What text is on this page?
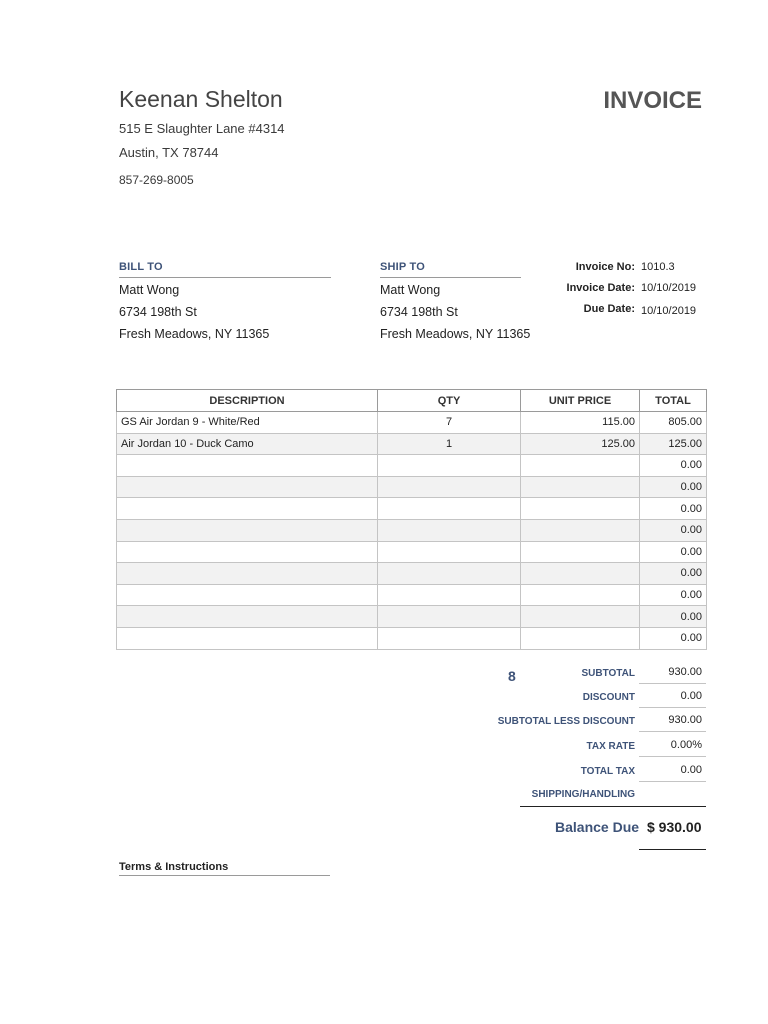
Keenan Shelton
515 E Slaughter Lane #4314
Austin, TX 78744
857-269-8005
INVOICE
BILL TO
Matt Wong
6734 198th St
Fresh Meadows, NY 11365
SHIP TO
Matt Wong
6734 198th St
Fresh Meadows, NY 11365
Invoice No: 1010.3
Invoice Date: 10/10/2019
Due Date: 10/10/2019
DESCRIPTION	QTY	UNIT PRICE	TOTAL
GS Air Jordan 9 - White/Red	7	115.00	805.00
Air Jordan 10 - Duck Camo	1	125.00	125.00
			0.00
			0.00
			0.00
			0.00
			0.00
			0.00
			0.00
			0.00
			0.00
8	SUBTOTAL	930.00
DISCOUNT	0.00
SUBTOTAL LESS DISCOUNT	930.00
TAX RATE	0.00%
TOTAL TAX	0.00
SHIPPING/HANDLING
Balance Due $ 930.00
Terms & Instructions
